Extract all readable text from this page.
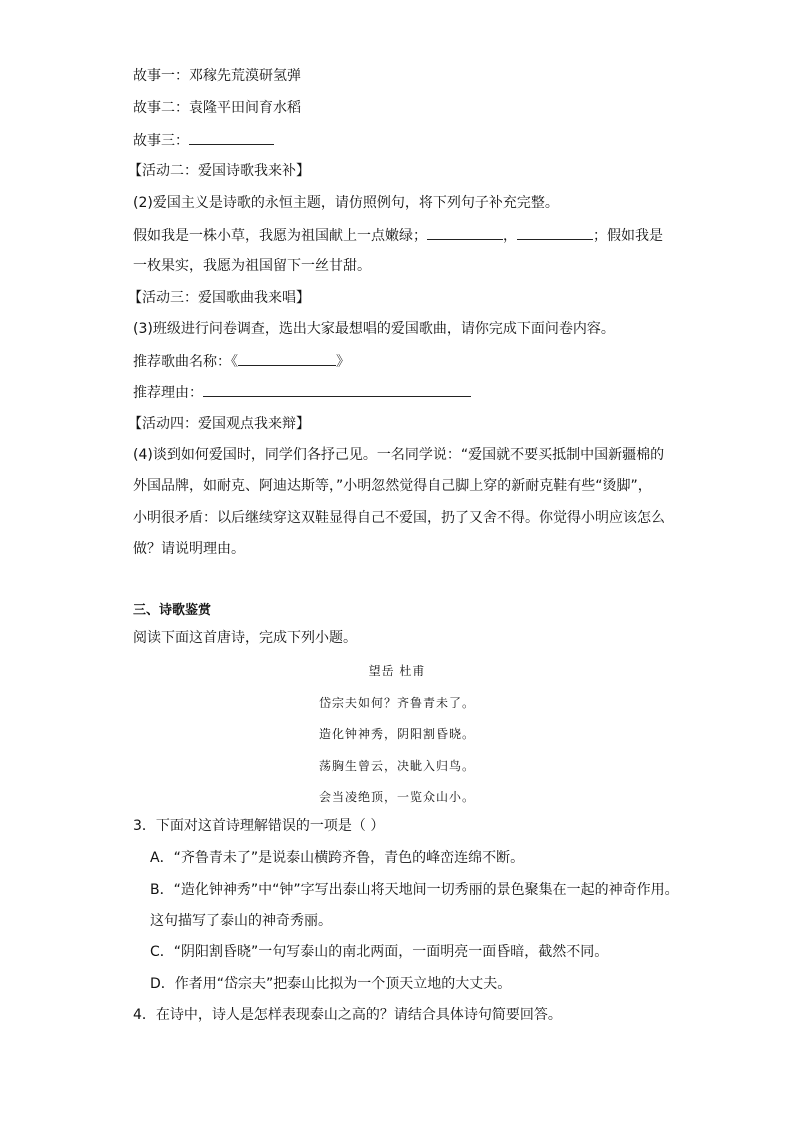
故事一：邓稼先荒漠研氢弹
故事二：袁隆平田间育水稻
故事三：
【活动二：爱国诗歌我来补】
(2)爱国主义是诗歌的永恒主题，请仿照例句，将下列句子补充完整。
假如我是一株小草，我愿为祖国献上一点嫩绿；	，	；假如我是
一枚果实，我愿为祖国留下一丝甘甜。
【活动三：爱国歌曲我来唱】
(3)班级进行问卷调查，选出大家最想唱的爱国歌曲，请你完成下面问卷内容。
推荐歌曲名称：《	》
推荐理由：
【活动四：爱国观点我来辩】
(4)谈到如何爱国时，同学们各抒己见。一名同学说：“爱国就不要买抵制中国新疆棉的
外国品牌，如耐克、阿迪达斯等，”小明忽然觉得自己脚上穿的新耐克鞋有些“烫脚”，
小明很矛盾：以后继续穿这双鞋显得自己不爱国，扔了又舍不得。你觉得小明应该怎么
做？请说明理由。
三、诗歌鉴赏
阅读下面这首唐诗，完成下列小题。
望岳 杜甫
岱宗夫如何？齐鲁青未了。
造化钟神秀，阴阳割昏晓。
荡胸生曾云，决眦入归鸟。
会当凌绝顶，一览众山小。
3．下面对这首诗理解错误的一项是（ ）
A．“齐鲁青未了”是说泰山横跨齐鲁，青色的峰峦连绵不断。
B．“造化钟神秀”中“钟”字写出泰山将天地间一切秀丽的景色聚集在一起的神奇作用。
这句描写了泰山的神奇秀丽。
C．“阴阳割昏晓”一句写泰山的南北两面，一面明亮一面昏暗，截然不同。
D．作者用“岱宗夫”把泰山比拟为一个顶天立地的大丈夫。
4．在诗中，诗人是怎样表现泰山之高的？请结合具体诗句简要回答。
